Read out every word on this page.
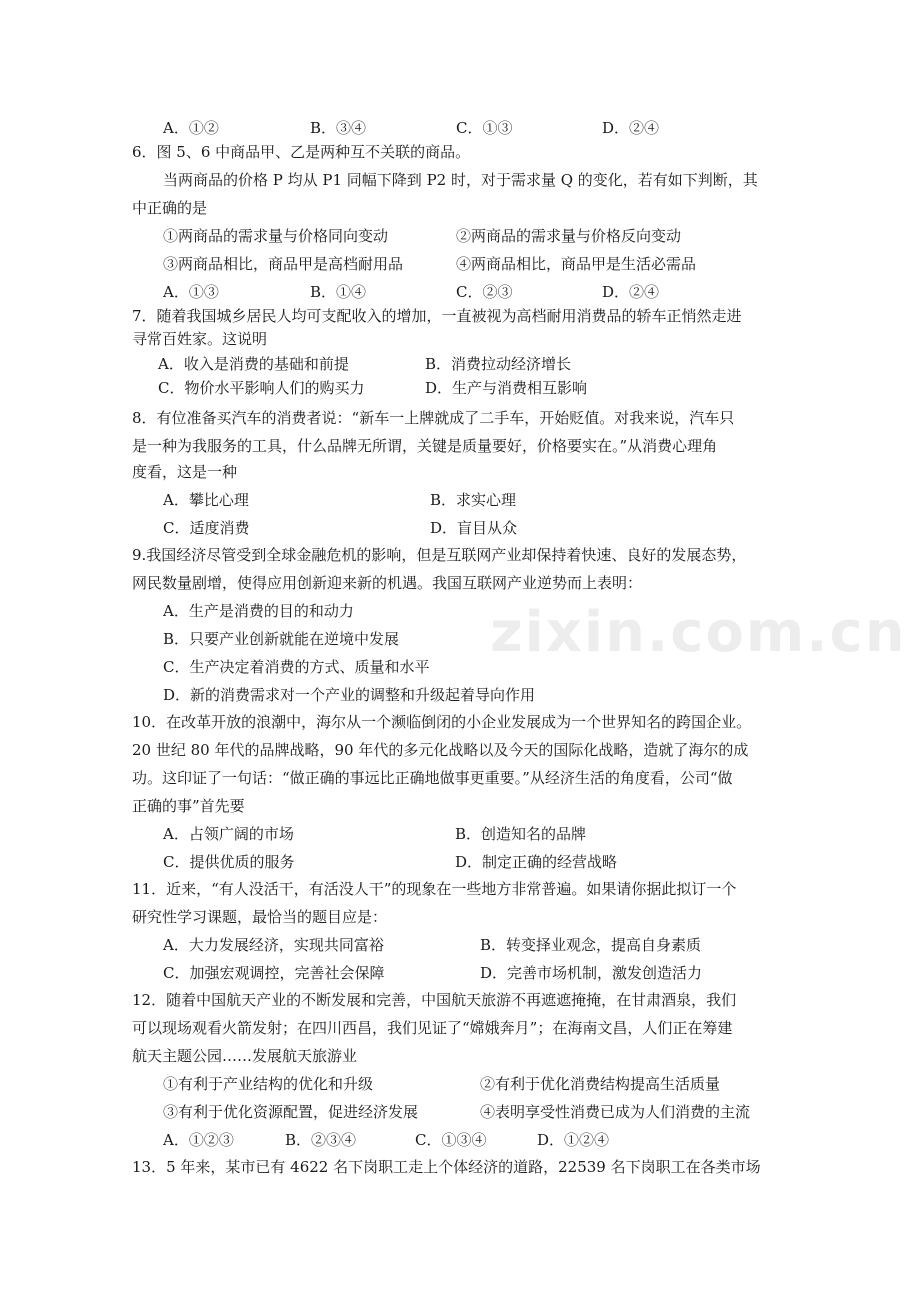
zixin.com.cn
A．①②	B．③④	C．①③	D．②④
6．图 5、6 中商品甲、乙是两种互不关联的商品。
当两商品的价格 P 均从 P1 同幅下降到 P2 时，对于需求量 Q 的变化，若有如下判断，其
中正确的是
①两商品的需求量与价格同向变动	②两商品的需求量与价格反向变动
③两商品相比，商品甲是高档耐用品	④两商品相比，商品甲是生活必需品
A．①③	B．①④	C．②③	D．②④
7．随着我国城乡居民人均可支配收入的增加，一直被视为高档耐用消费品的轿车正悄然走进
寻常百姓家。这说明
A．收入是消费的基础和前提	B．消费拉动经济增长
C．物价水平影响人们的购买力	D．生产与消费相互影响
8．有位准备买汽车的消费者说：“新车一上牌就成了二手车，开始贬值。对我来说，汽车只
是一种为我服务的工具，什么品牌无所谓，关键是质量要好，价格要实在。”从消费心理角
度看，这是一种
A．攀比心理	B．求实心理
C．适度消费	D．盲目从众
9.我国经济尽管受到全球金融危机的影响，但是互联网产业却保持着快速、良好的发展态势，
网民数量剧增，使得应用创新迎来新的机遇。我国互联网产业逆势而上表明：
A．生产是消费的目的和动力
B．只要产业创新就能在逆境中发展
C．生产决定着消费的方式、质量和水平
D．新的消费需求对一个产业的调整和升级起着导向作用
10．在改革开放的浪潮中，海尔从一个濒临倒闭的小企业发展成为一个世界知名的跨国企业。
20 世纪 80 年代的品牌战略，90 年代的多元化战略以及今天的国际化战略，造就了海尔的成
功。这印证了一句话：“做正确的事远比正确地做事更重要。”从经济生活的角度看，公司“做
正确的事”首先要
A．占领广阔的市场	B．创造知名的品牌
C．提供优质的服务	D．制定正确的经营战略
11．近来，“有人没活干，有活没人干”的现象在一些地方非常普遍。如果请你据此拟订一个
研究性学习课题，最恰当的题目应是：
A．大力发展经济，实现共同富裕	B．转变择业观念，提高自身素质
C．加强宏观调控，完善社会保障	D．完善市场机制，激发创造活力
12．随着中国航天产业的不断发展和完善，中国航天旅游不再遮遮掩掩，在甘肃酒泉，我们
可以现场观看火箭发射；在四川西昌，我们见证了“嫦娥奔月”；在海南文昌，人们正在筹建
航天主题公园……发展航天旅游业
①有利于产业结构的优化和升级	②有利于优化消费结构提高生活质量
③有利于优化资源配置，促进经济发展	④表明享受性消费已成为人们消费的主流
A．①②③	B．②③④	C．①③④	D．①②④
13．5 年来，某市已有 4622 名下岗职工走上个体经济的道路，22539 名下岗职工在各类市场
